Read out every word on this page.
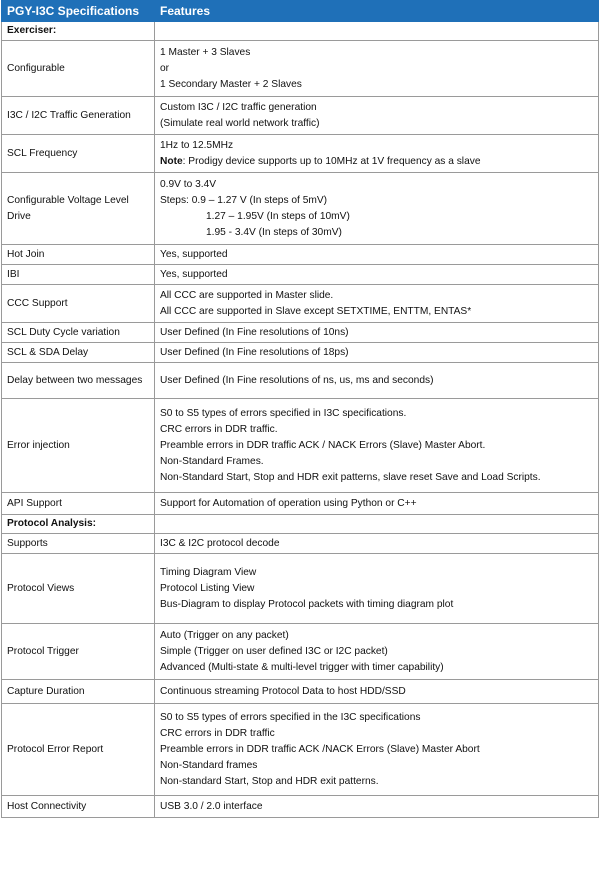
PGY-I3C Specifications	Features
Exerciser:	
Configurable	1 Master + 3 Slaves
or
1 Secondary Master + 2 Slaves

I3C / I2C Traffic Generation	Custom I3C / I2C traffic generation
(Simulate real world network traffic)

SCL Frequency	1Hz to 12.5MHz
Note: Prodigy device supports up to 10MHz at 1V frequency as a slave

Configurable Voltage Level Drive	0.9V to 3.4V
Steps: 0.9 – 1.27 V (In steps of 5mV)
1.27 – 1.95V (In steps of 10mV)
1.95 - 3.4V (In steps of 30mV)

Hot Join	Yes, supported
IBI	Yes, supported
CCC Support	All CCC are supported in Master slide.
All CCC are supported in Slave except SETXTIME, ENTTM, ENTAS*

SCL Duty Cycle variation	User Defined (In Fine resolutions of 10ns)
SCL & SDA Delay	User Defined (In Fine resolutions of 18ps)
Delay between two messages	User Defined (In Fine resolutions of ns, us, ms and seconds)
Error injection	S0 to S5 types of errors specified in I3C specifications.
CRC errors in DDR traffic.
Preamble errors in DDR traffic ACK / NACK Errors (Slave) Master Abort.
Non-Standard Frames.
Non-Standard Start, Stop and HDR exit patterns, slave reset Save and Load Scripts.

API Support	Support for Automation of operation using Python or C++
Protocol Analysis:	
Supports	I3C & I2C protocol decode
Protocol Views	Timing Diagram View
Protocol Listing View
Bus-Diagram to display Protocol packets with timing diagram plot

Protocol Trigger	Auto (Trigger on any packet)
Simple (Trigger on user defined I3C or I2C packet)
Advanced (Multi-state & multi-level trigger with timer capability)

Capture Duration	Continuous streaming Protocol Data to host HDD/SSD
Protocol Error Report	S0 to S5 types of errors specified in the I3C specifications
CRC errors in DDR traffic
Preamble errors in DDR traffic ACK /NACK Errors (Slave) Master Abort
Non-Standard frames
Non-standard Start, Stop and HDR exit patterns.

Host Connectivity	USB 3.0 / 2.0 interface
